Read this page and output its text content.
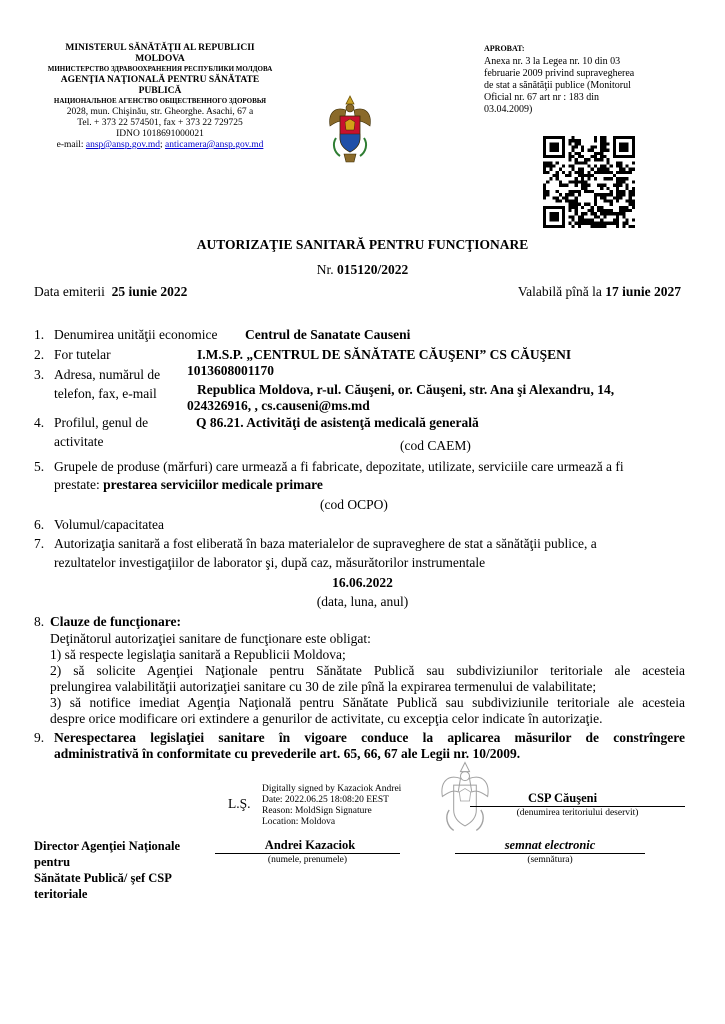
MINISTERUL SĂNĂTĂŢII AL REPUBLICII
MOLDOVA
МИНИСТЕРСТВО ЗДРАВООХРАНЕНИЯ РЕСПУБЛИКИ МОЛДОВА
AGENŢIA NAŢIONALĂ PENTRU SĂNĂTATE
PUBLICĂ
НАЦИОНАЛЬНОЕ АГЕНСТВО ОБЩЕСТВЕННОГО ЗДОРОВЬЯ
2028, mun. Chişinău, str. Gheorghe. Asachi, 67 a
Tel. + 373 22 574501, fax + 373 22 729725
IDNO 1018691000021
e-mail: ansp@ansp.gov.md; anticamera@ansp.gov.md
APROBAT:
Anexa nr. 3 la Legea nr. 10 din 03
februarie 2009 privind supravegherea
de stat a sănătăţii publice (Monitorul
Oficial nr. 67 art nr : 183 din
03.04.2009)
AUTORIZAŢIE SANITARĂ PENTRU FUNCŢIONARE
Nr. 015120/2022
Data emiterii 25 iunie 2022	Valabilă pînă la 17 iunie 2027
1. Denumirea unităţii economice Centrul de Sanatate Causeni
2. For tutelar	I.M.S.P. „CENTRUL DE SĂNĂTATE CĂUŞENI” CS CĂUŞENI
1013608001170
3. Adresa, numărul de
telefon, fax, e-mail	Republica Moldova, r-ul. Căuşeni, or. Căuşeni, str. Ana şi Alexandru, 14,
024326916, , cs.causeni@ms.md
4. Profilul, genul de
activitate
Q 86.21. Activităţi de asistenţă medicală generală
(cod CAEM)
5. Grupele de produse (mărfuri) care urmează a fi fabricate, depozitate, utilizate, serviciile care urmează a fi
prestate: prestarea serviciilor medicale primare
(cod OCPO)
6. Volumul/capacitatea
7. Autorizaţia sanitară a fost eliberată în baza materialelor de supraveghere de stat a sănătăţii publice, a
rezultatelor investigaţiilor de laborator şi, după caz, măsurătorilor instrumentale
16.06.2022
(data, luna, anul)
8. Clauze de funcţionare:
Deţinătorul autorizaţiei sanitare de funcţionare este obligat:
1) să respecte legislaţia sanitară a Republicii Moldova;
2) să solicite Agenţiei Naţionale pentru Sănătate Publică sau subdiviziunilor teritoriale ale acesteia
prelungirea valabilităţii autorizaţiei sanitare cu 30 de zile pînă la expirarea termenului de valabilitate;
3) să notifice imediat Agenţia Naţională pentru Sănătate Publică sau subdiviziunile teritoriale ale acesteia
despre orice modificare ori extindere a genurilor de activitate, cu excepţia celor indicate în autorizaţie.
9. Nerespectarea legislaţiei sanitare în vigoare conduce la aplicarea măsurilor de constrîngere
administrativă în conformitate cu prevederile art. 65, 66, 67 ale Legii nr. 10/2009.
L.Ş.
Digitally signed by Kazaciok Andrei
Date: 2022.06.25 18:08:20 EEST
Reason: MoldSign Signature
Location: Moldova
CSP Căuşeni
(denumirea teritoriului deservit)
Director Agenţiei Naţionale
pentru
Sănătate Publică/ şef CSP
teritoriale
Andrei Kazaciok
(numele, prenumele)
semnat electronic
(semnătura)
